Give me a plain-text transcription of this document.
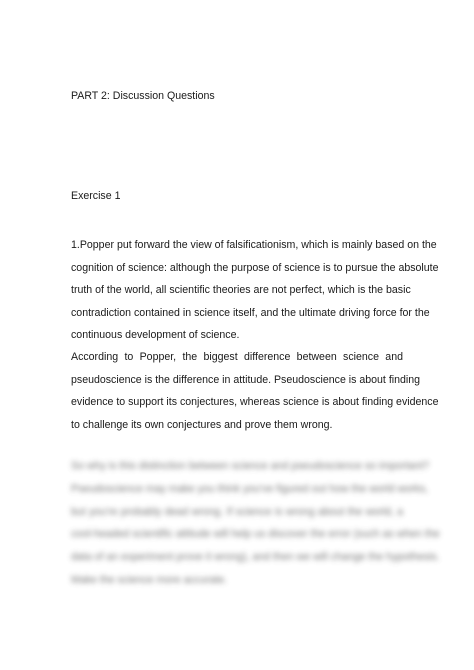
PART 2: Discussion Questions
Exercise 1

1.Popper put forward the view of falsificationism, which is mainly based on the
cognition of science: although the purpose of science is to pursue the absolute
truth of the world, all scientific theories are not perfect, which is the basic
contradiction contained in science itself, and the ultimate driving force for the
continuous development of science.

According to Popper, the biggest difference between science and
pseudoscience is the difference in attitude. Pseudoscience is about finding
evidence to support its conjectures, whereas science is about finding evidence
to challenge its own conjectures and prove them wrong.

So why is this distinction between science and pseudoscience so important?
Pseudoscience may make you think you've figured out how the world works,
but you're probably dead wrong. If science is wrong about the world, a
cool-headed scientific attitude will help us discover the error (such as when the
data of an experiment prove it wrong), and then we will change the hypothesis.
Make the science more accurate.
